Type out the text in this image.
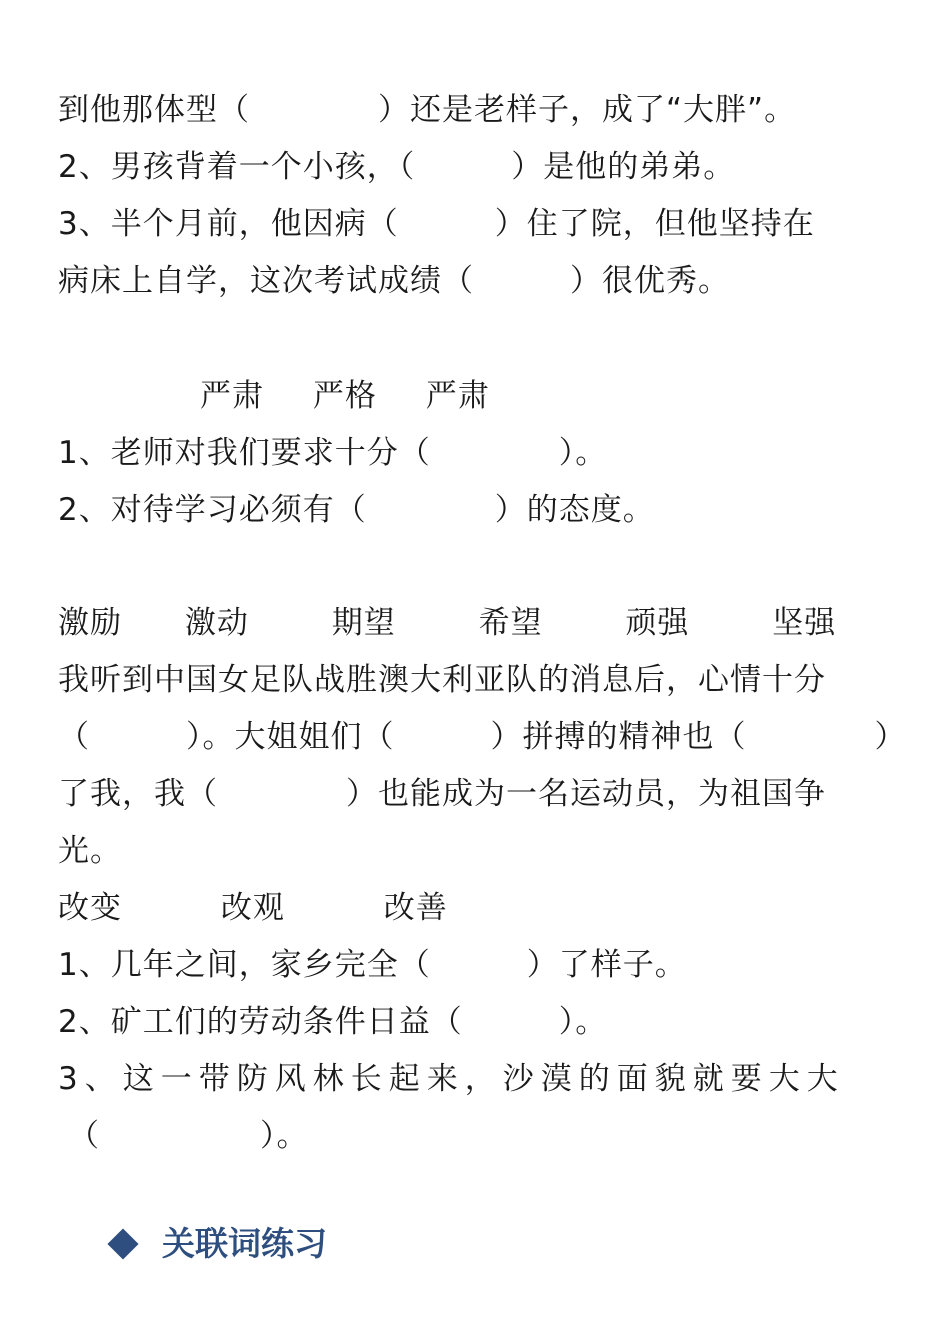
到他那体型（　　　　）还是老样子，成了“大胖”。
2、男孩背着一个小孩，（　　　）是他的弟弟。
3、半个月前，他因病（　　　）住了院，但他坚持在
病床上自学，这次考试成绩（　　　）很优秀。
严肃 严格 严肃
1、老师对我们要求十分（　　　　）。
2、对待学习必须有（　　　　）的态度。
激励 激动	期望	希望	顽强	坚强
我听到中国女足队战胜澳大利亚队的消息后，心情十分
（　　　）。大姐姐们（　　　）拼搏的精神也（　　　　）
了我，我（　　　　）也能成为一名运动员，为祖国争
光。
改变	改观	改善
1、几年之间，家乡完全（　　　）了样子。
2、矿工们的劳动条件日益（　　　）。
3、这一带防风林长起来，沙漠的面貌就要大大
（　　　　　）。
关联词练习
